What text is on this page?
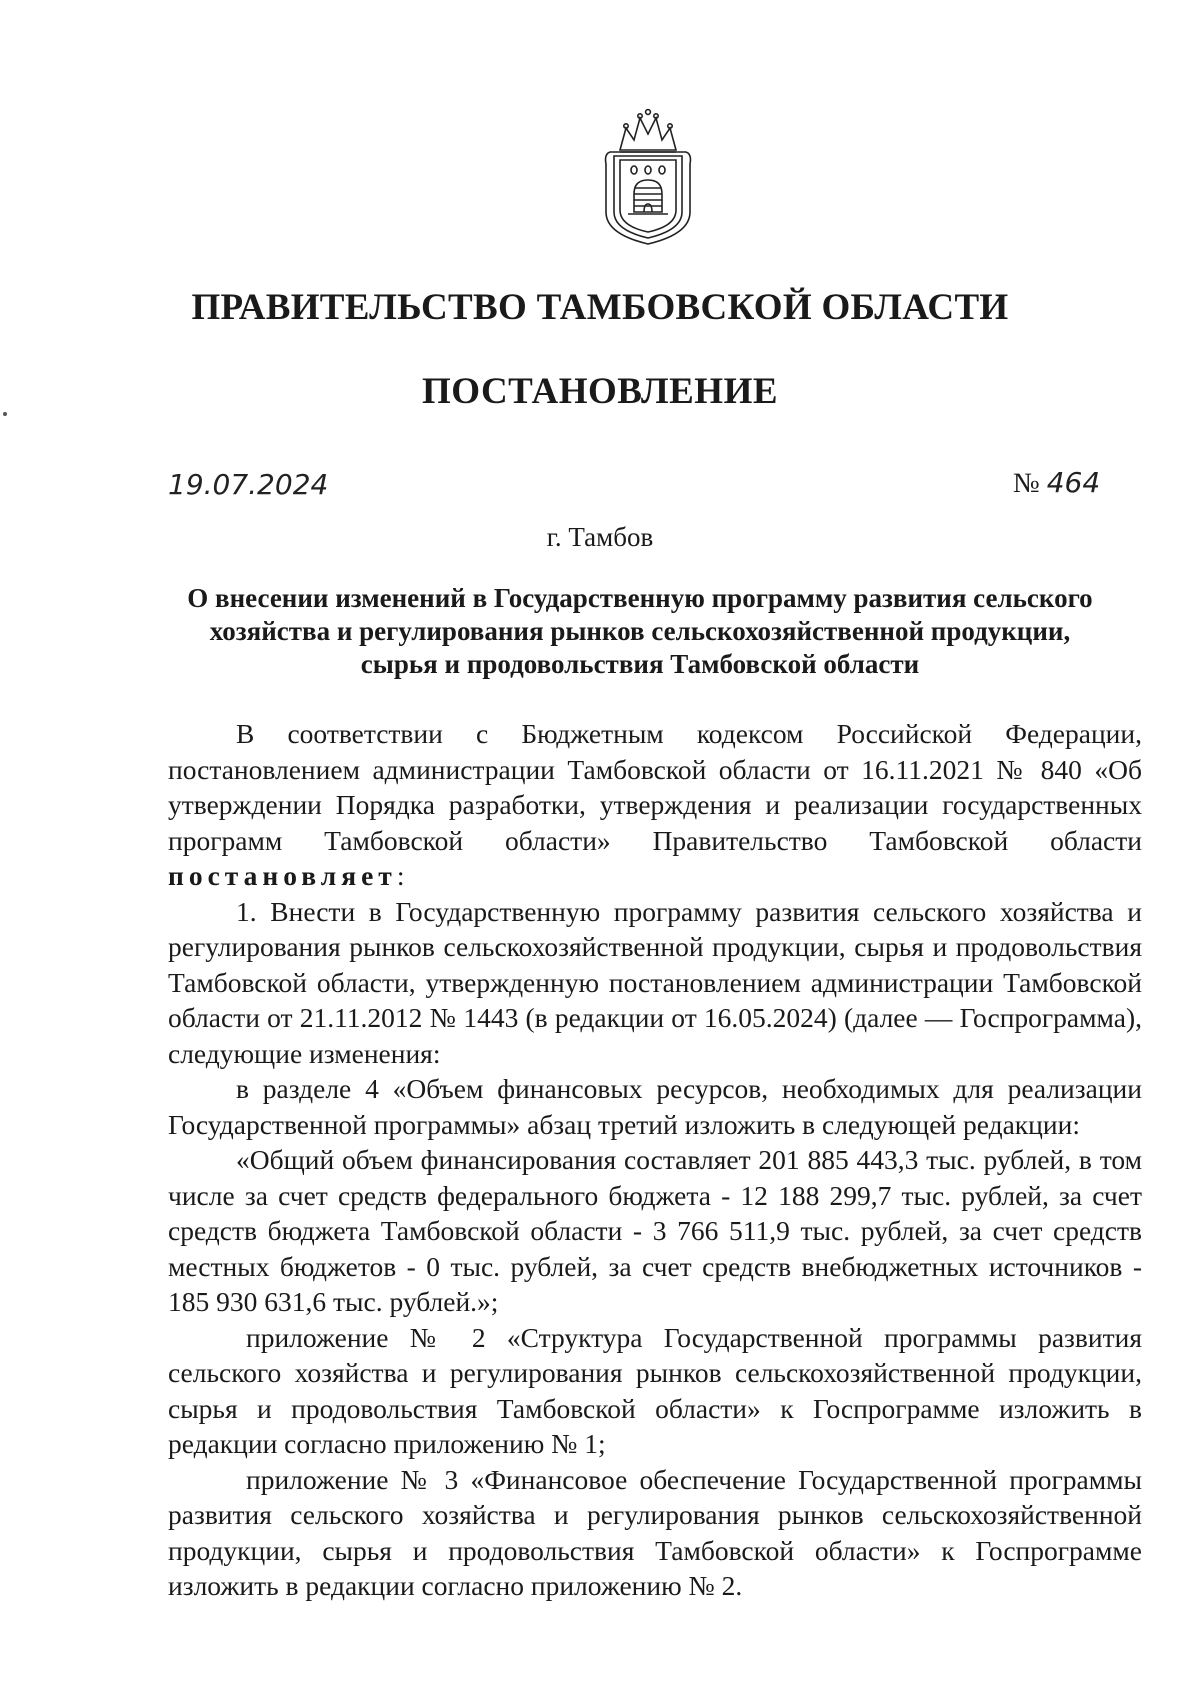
ПРАВИТЕЛЬСТВО ТАМБОВСКОЙ ОБЛАСТИ
ПОСТАНОВЛЕНИЕ
19.07.2024	№ 464
г. Тамбов
О внесении изменений в Государственную программу развития сельского
хозяйства и регулирования рынков сельскохозяйственной продукции,
сырья и продовольствия Тамбовской области

В соответствии с Бюджетным кодексом Российской Федерации, постановлением администрации Тамбовской области от 16.11.2021 № 840 «Об утверждении Порядка разработки, утверждения и реализации государственных программ Тамбовской области» Правительство Тамбовской области постановляет:

1. Внести в Государственную программу развития сельского хозяйства и регулирования рынков сельскохозяйственной продукции, сырья и продовольствия Тамбовской области, утвержденную постановлением администрации Тамбовской области от 21.11.2012 № 1443 (в редакции от 16.05.2024) (далее — Госпрограмма), следующие изменения:

в разделе 4 «Объем финансовых ресурсов, необходимых для реализации Государственной программы» абзац третий изложить в следующей редакции:

«Общий объем финансирования составляет 201 885 443,3 тыс. рублей, в том числе за счет средств федерального бюджета - 12 188 299,7 тыс. рублей, за счет средств бюджета Тамбовской области - 3 766 511,9 тыс. рублей, за счет средств местных бюджетов - 0 тыс. рублей, за счет средств внебюджетных источников - 185 930 631,6 тыс. рублей.»;

приложение № 2 «Структура Государственной программы развития сельского хозяйства и регулирования рынков сельскохозяйственной продукции, сырья и продовольствия Тамбовской области» к Госпрограмме изложить в редакции согласно приложению № 1;

приложение № 3 «Финансовое обеспечение Государственной программы развития сельского хозяйства и регулирования рынков сельскохозяйственной продукции, сырья и продовольствия Тамбовской области» к Госпрограмме изложить в редакции согласно приложению № 2.
